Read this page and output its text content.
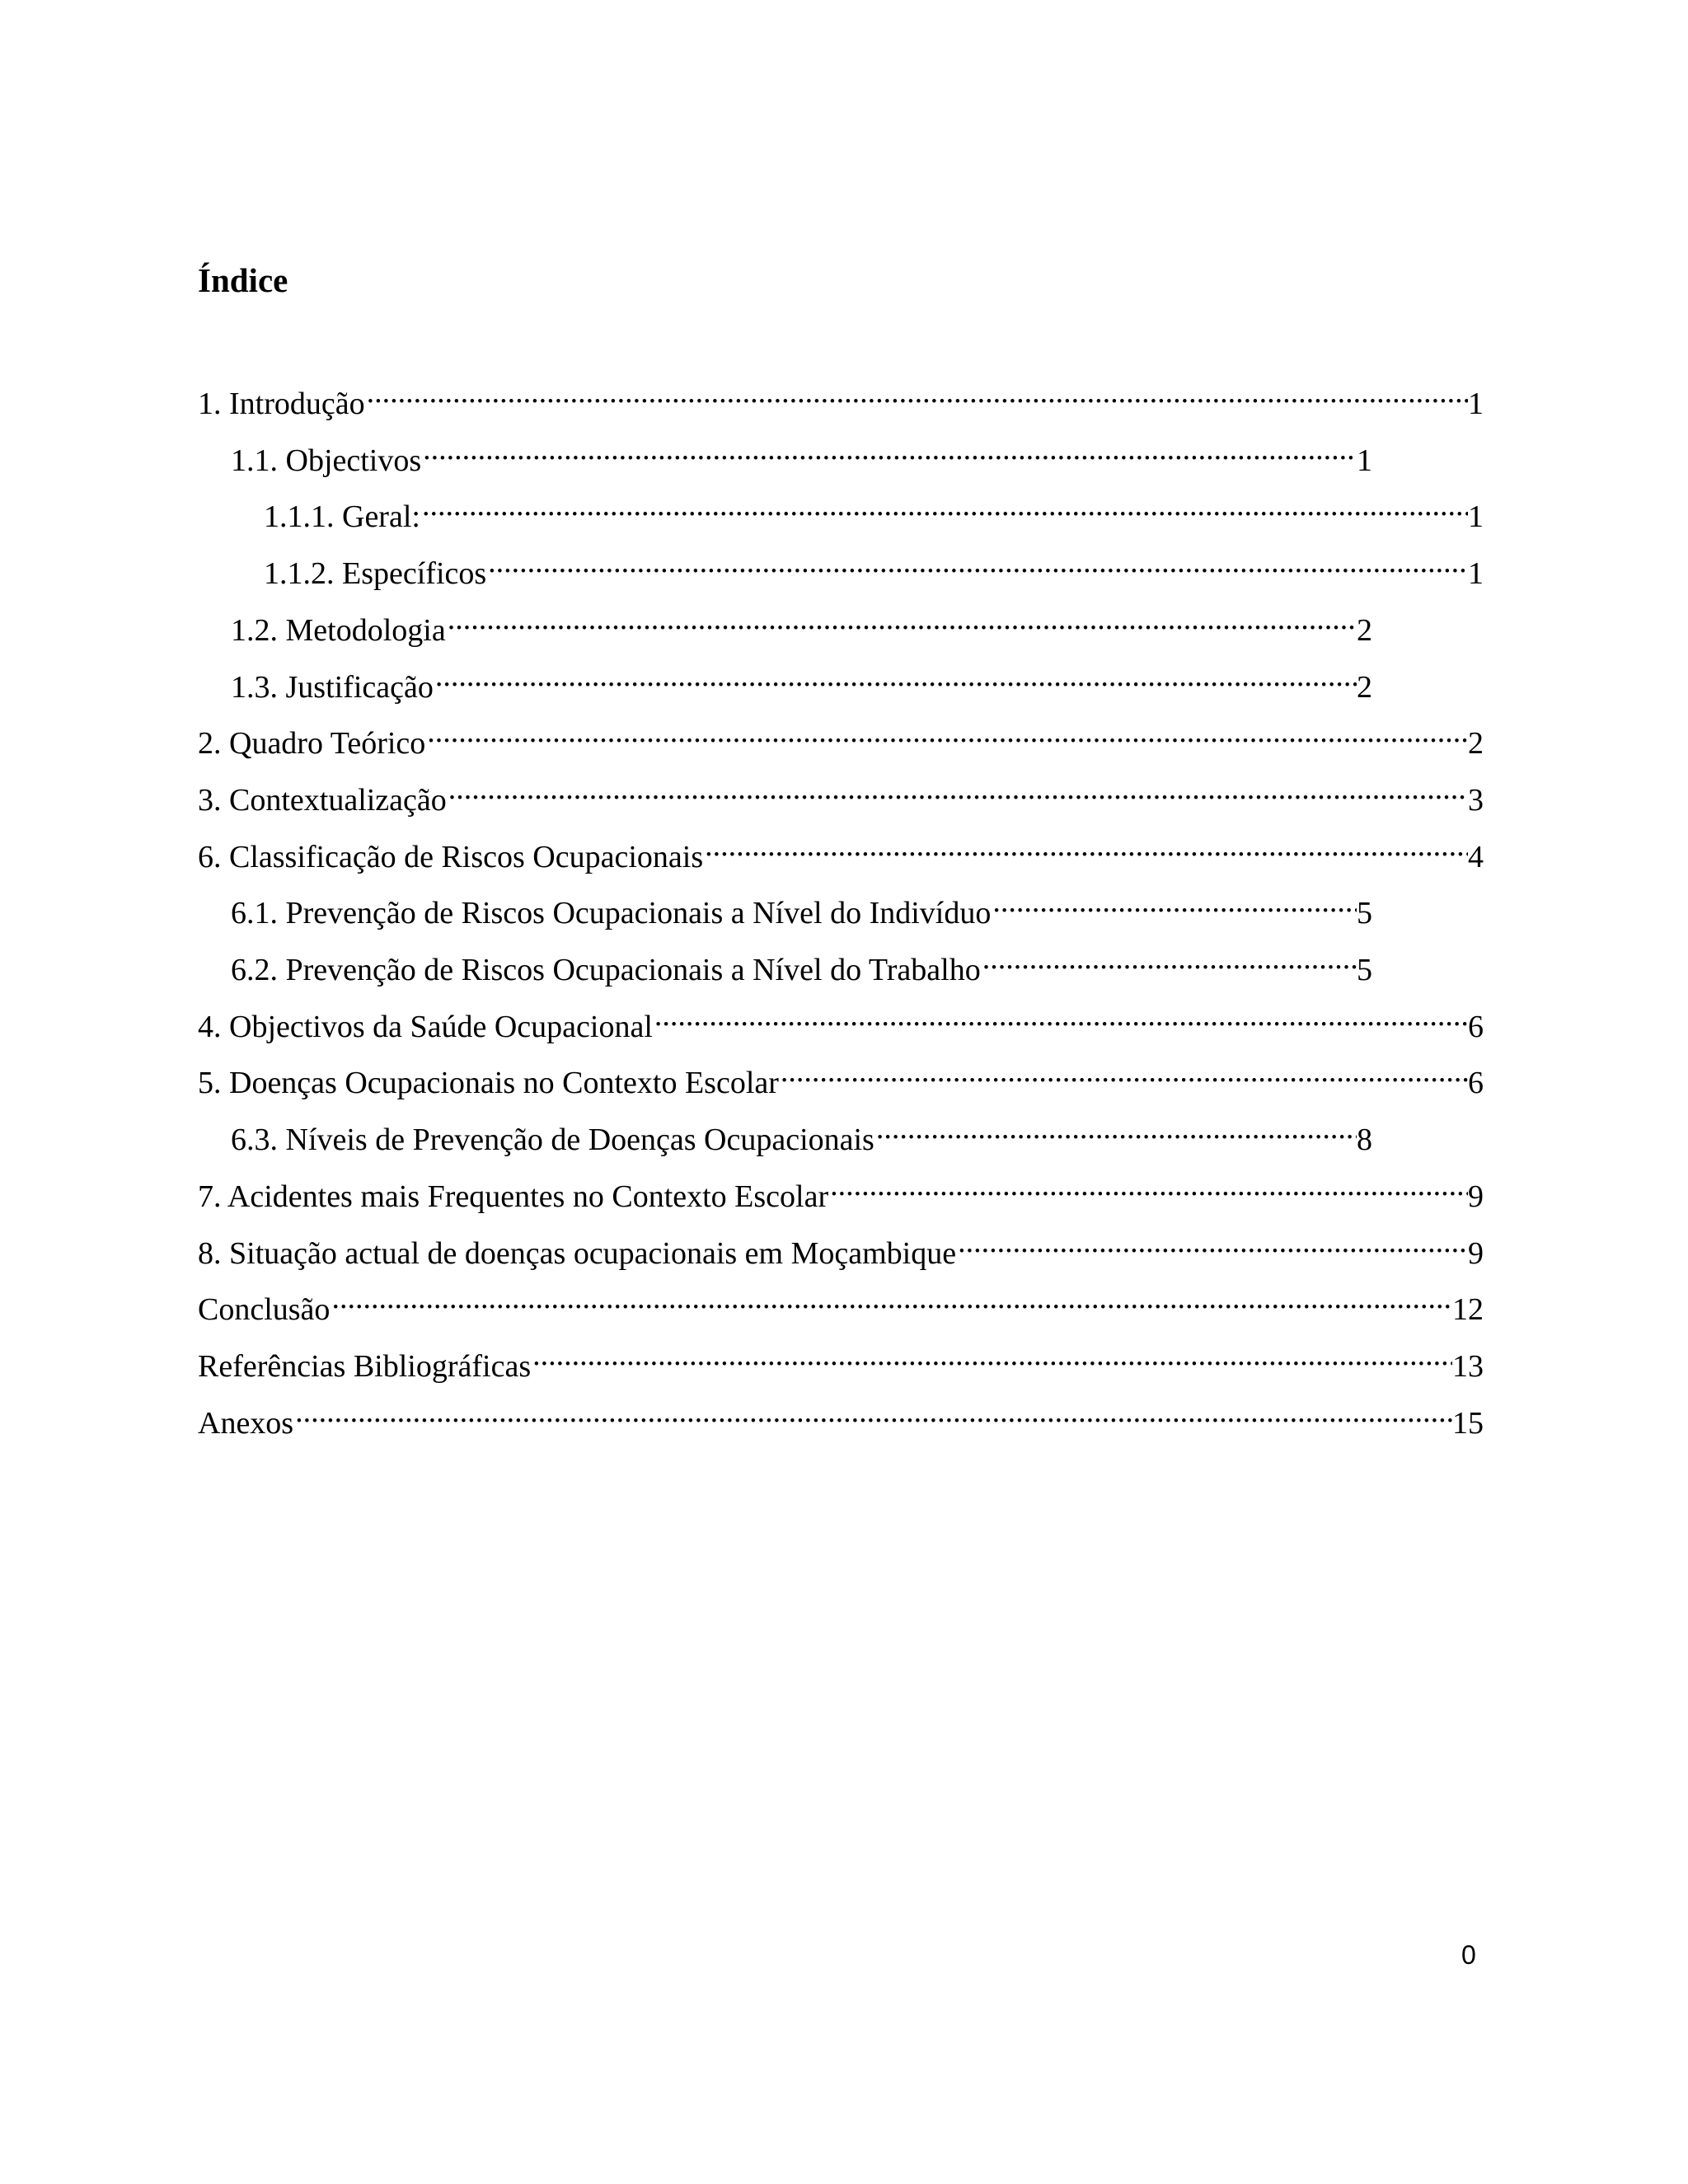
Índice
1. Introdução .....	1
1.1. Objectivos .....	1
1.1.1. Geral: .....	1
1.1.2. Específicos .....	1
1.2. Metodologia .....	2
1.3. Justificação .....	2
2. Quadro Teórico .....	2
3. Contextualização .....	3
6. Classificação de Riscos Ocupacionais .....	4
6.1. Prevenção de Riscos Ocupacionais a Nível do Indivíduo .....	5
6.2. Prevenção de Riscos Ocupacionais a Nível do Trabalho .....	5
4. Objectivos da Saúde Ocupacional .....	6
5. Doenças Ocupacionais no Contexto Escolar .....	6
6.3. Níveis de Prevenção de Doenças Ocupacionais .....	8
7. Acidentes mais Frequentes no Contexto Escolar .....	9
8. Situação actual de doenças ocupacionais em Moçambique .....	9
Conclusão .....	12
Referências Bibliográficas .....	13
Anexos .....	15
0
